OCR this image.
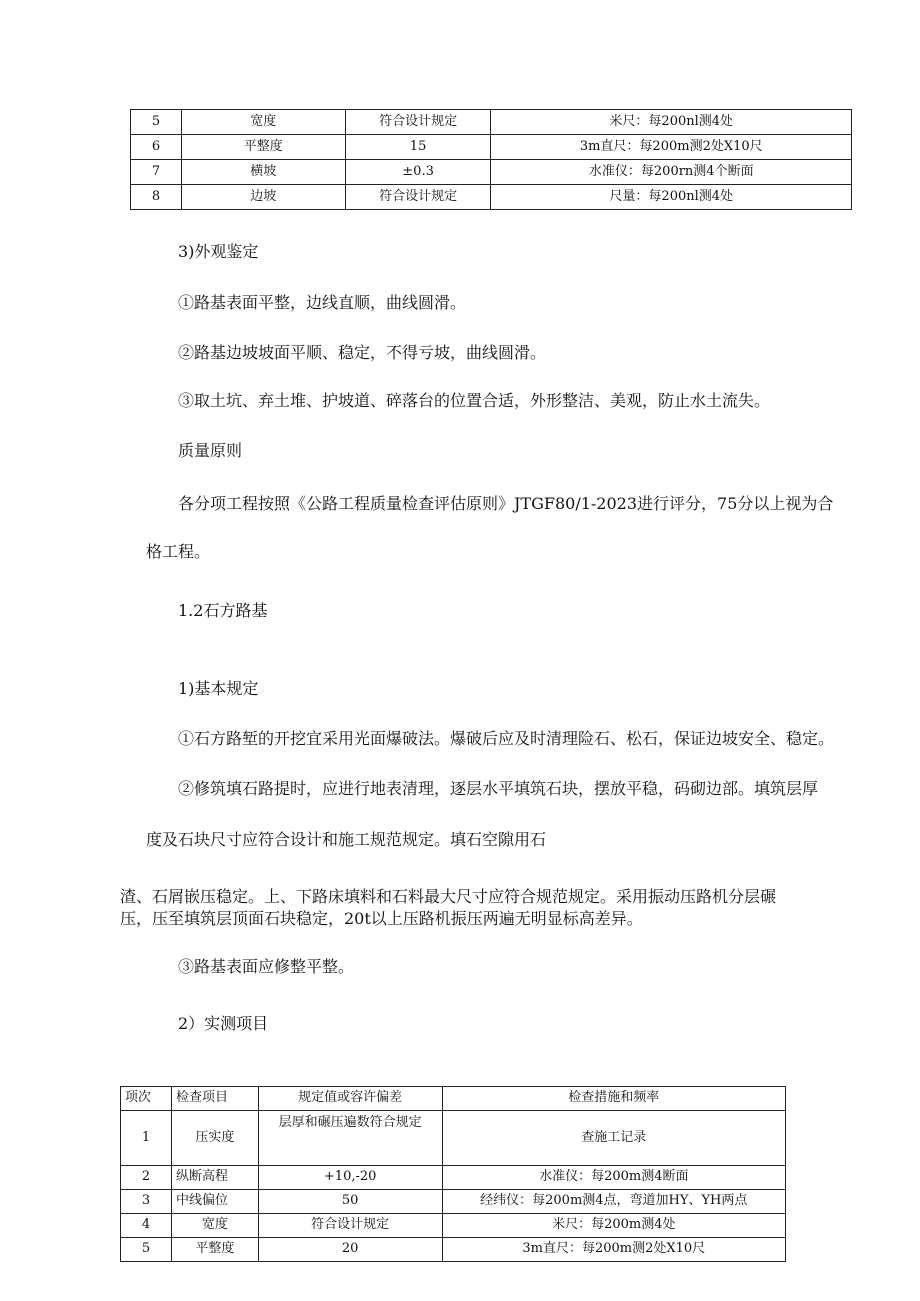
5	宽度	符合设计规定	米尺：每200nl测4处
6	平整度	15	3m直尺：每200m测2处X10尺
7	横坡	±0.3	水准仪：每200rn测4个断面
8	边坡	符合设计规定	尺量：每200nl测4处

3)外观鉴定

①路基表面平整，边线直顺，曲线圆滑。

②路基边坡坡面平顺、稳定，不得亏坡，曲线圆滑。

③取土坑、弃土堆、护坡道、碎落台的位置合适，外形整洁、美观，防止水土流失。

质量原则

各分项工程按照《公路工程质量检查评估原则》JTGF80/1-2023进行评分，75分以上视为合

格工程。

1.2石方路基

1)基本规定

①石方路堑的开挖宜采用光面爆破法。爆破后应及时清理险石、松石，保证边坡安全、稳定。

②修筑填石路提时，应进行地表清理，逐层水平填筑石块，摆放平稳，码砌边部。填筑层厚

度及石块尺寸应符合设计和施工规范规定。填石空隙用石

渣、石屑嵌压稳定。上、下路床填料和石料最大尺寸应符合规范规定。采用振动压路机分层碾

压，压至填筑层顶面石块稳定，20t以上压路机振压两遍无明显标高差异。

③路基表面应修整平整。

2）实测项目

项次	检查项目	规定值或容许偏差	检查措施和频率
1	压实度	层厚和碾压遍数符合规定	查施工记录
2	纵断高程	+10,-20	水准仪：每200m测4断面
3	中线偏位	50	经纬仪：每200m测4点，弯道加HY、YH两点
4	宽度	符合设计规定	米尺：每200m测4处
5	平整度	20	3m直尺：每200m测2处X10尺
